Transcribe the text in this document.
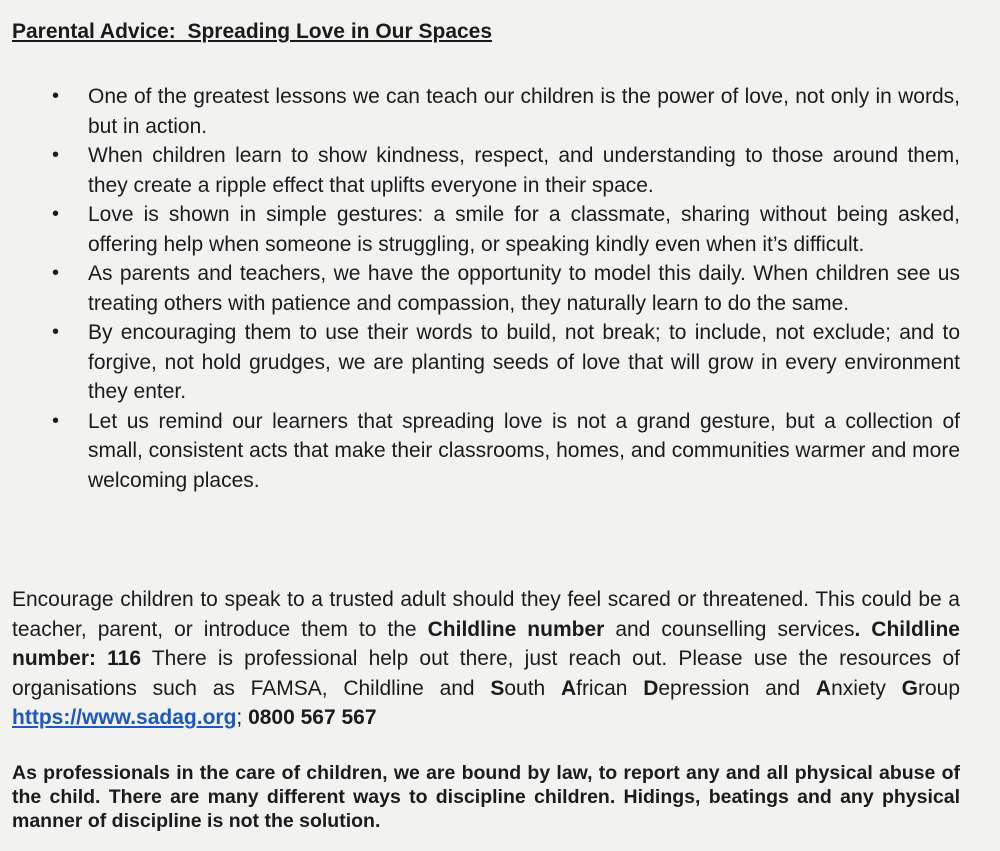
Parental Advice:  Spreading Love in Our Spaces
• One of the greatest lessons we can teach our children is the power of love, not only in words, but in action.
• When children learn to show kindness, respect, and understanding to those around them, they create a ripple effect that uplifts everyone in their space.
• Love is shown in simple gestures: a smile for a classmate, sharing without being asked, offering help when someone is struggling, or speaking kindly even when it’s difficult.
• As parents and teachers, we have the opportunity to model this daily. When children see us treating others with patience and compassion, they naturally learn to do the same.
• By encouraging them to use their words to build, not break; to include, not exclude; and to forgive, not hold grudges, we are planting seeds of love that will grow in every environment they enter.
• Let us remind our learners that spreading love is not a grand gesture, but a collection of small, consistent acts that make their classrooms, homes, and communities warmer and more welcoming places.

Encourage children to speak to a trusted adult should they feel scared or threatened. This could be a teacher, parent, or introduce them to the Childline number and counselling services. Childline number: 116 There is professional help out there, just reach out. Please use the resources of organisations such as FAMSA, Childline and South African Depression and Anxiety Group https://www.sadag.org; 0800 567 567

As professionals in the care of children, we are bound by law, to report any and all physical abuse of the child. There are many different ways to discipline children. Hidings, beatings and any physical manner of discipline is not the solution.
